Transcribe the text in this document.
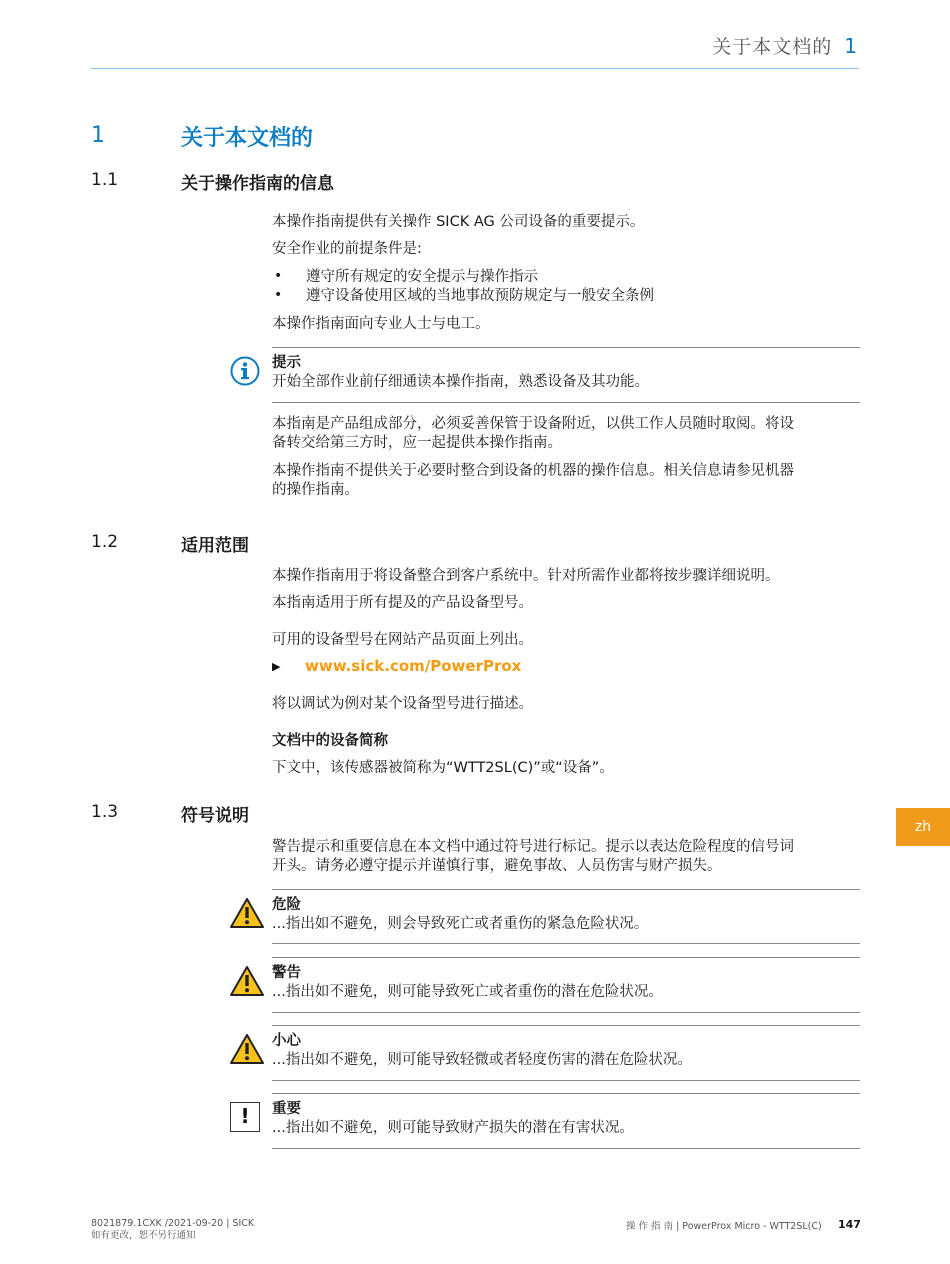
关于本文档的 1
1	关于本文档的
1.1	关于操作指南的信息
本操作指南提供有关操作 SICK AG 公司设备的重要提示。
安全作业的前提条件是:
• 遵守所有规定的安全提示与操作指示
• 遵守设备使用区域的当地事故预防规定与一般安全条例
本操作指南面向专业人士与电工。
提示
开始全部作业前仔细通读本操作指南，熟悉设备及其功能。
本指南是产品组成部分，必须妥善保管于设备附近，以供工作人员随时取阅。将设
备转交给第三方时，应一起提供本操作指南。
本操作指南不提供关于必要时整合到设备的机器的操作信息。相关信息请参见机器
的操作指南。
1.2	适用范围
本操作指南用于将设备整合到客户系统中。针对所需作业都将按步骤详细说明。
本指南适用于所有提及的产品设备型号。
可用的设备型号在网站产品页面上列出。
▶ www.sick.com/PowerProx
将以调试为例对某个设备型号进行描述。
文档中的设备简称
下文中，该传感器被简称为“WTT2SL(C)”或“设备”。
1.3	符号说明
警告提示和重要信息在本文档中通过符号进行标记。提示以表达危险程度的信号词
开头。请务必遵守提示并谨慎行事，避免事故、人员伤害与财产损失。
危险
...指出如不避免，则会导致死亡或者重伤的紧急危险状况。
警告
...指出如不避免，则可能导致死亡或者重伤的潜在危险状况。
小心
...指出如不避免，则可能导致轻微或者轻度伤害的潜在危险状况。
!	重要
...指出如不避免，则可能导致财产损失的潜在有害状况。
zh
8021879.1CXK /2021-09-20 | SICK
如有更改，恕不另行通知
操 作 指 南 | PowerProx Micro - WTT2SL(C) 147
